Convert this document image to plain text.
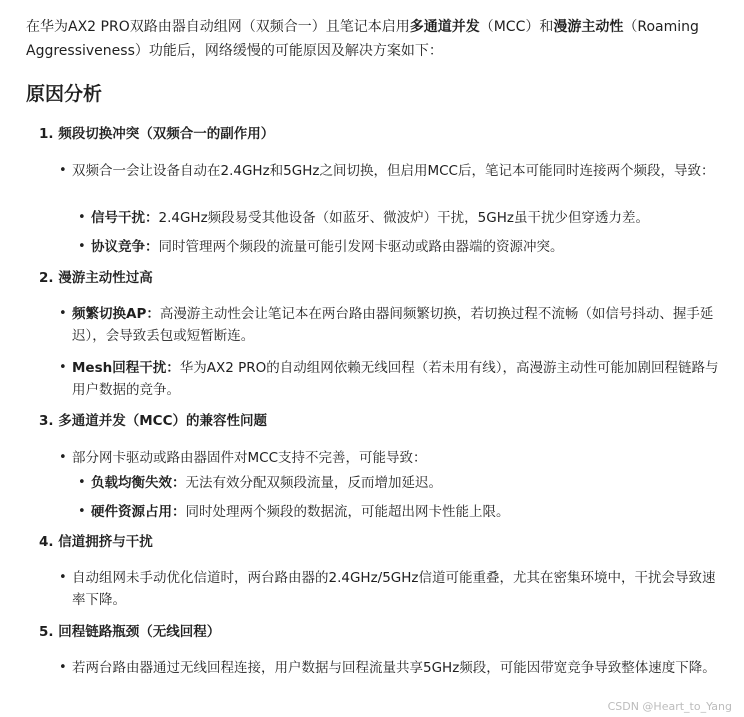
在华为AX2 PRO双路由器自动组网（双频合一）且笔记本启用多通道并发（MCC）和漫游主动性（Roaming Aggressiveness）功能后，网络缓慢的可能原因及解决方案如下：
原因分析
1. 频段切换冲突（双频合一的副作用）
• 双频合一会让设备自动在2.4GHz和5GHz之间切换，但启用MCC后，笔记本可能同时连接两个频段，导致：
• 信号干扰：2.4GHz频段易受其他设备（如蓝牙、微波炉）干扰，5GHz虽干扰少但穿透力差。
• 协议竞争：同时管理两个频段的流量可能引发网卡驱动或路由器端的资源冲突。
2. 漫游主动性过高
• 频繁切换AP：高漫游主动性会让笔记本在两台路由器间频繁切换，若切换过程不流畅（如信号抖动、握手延迟），会导致丢包或短暂断连。
• Mesh回程干扰：华为AX2 PRO的自动组网依赖无线回程（若未用有线），高漫游主动性可能加剧回程链路与用户数据的竞争。
3. 多通道并发（MCC）的兼容性问题
• 部分网卡驱动或路由器固件对MCC支持不完善，可能导致：
• 负载均衡失效：无法有效分配双频段流量，反而增加延迟。
• 硬件资源占用：同时处理两个频段的数据流，可能超出网卡性能上限。
4. 信道拥挤与干扰
• 自动组网未手动优化信道时，两台路由器的2.4GHz/5GHz信道可能重叠，尤其在密集环境中，干扰会导致速率下降。
5. 回程链路瓶颈（无线回程）
• 若两台路由器通过无线回程连接，用户数据与回程流量共享5GHz频段，可能因带宽竞争导致整体速度下降。
CSDN @Heart_to_Yang
